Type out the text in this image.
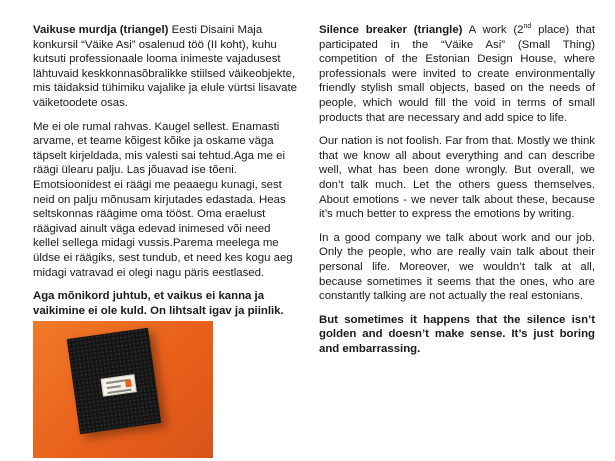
Vaikuse murdja (triangel) Eesti Disaini Maja konkursil “Väike Asi” osalenud töö (II koht), kuhu kutsuti professionaale looma inimeste vajadusest lähtuvaid keskkonnasõbralikke stiilsed väikeobjekte, mis täidaksid tühimiku vajalike ja elule vürtsi lisavate väiketoodete osas.

Me ei ole rumal rahvas. Kaugel sellest. Enamasti arvame, et teame kõigest kõike ja oskame väga täpselt kirjeldada, mis valesti sai tehtud.Aga me ei räägi ülearu palju. Las jõuavad ise tõeni. Emotsioonidest ei räägi me peaaegu kunagi, sest neid on palju mõnusam kirjutades edastada. Heas seltskonnas räägime oma tööst. Oma eraelust räägivad ainult väga edevad inimesed või need kellel sellega midagi vussis.Parema meelega me üldse ei räägiks, sest tundub, et need kes kogu aeg midagi vatravad ei olegi nagu päris eestlased.

Aga mõnikord juhtub, et vaikus ei kanna ja vaikimine ei ole kuld. On lihtsalt igav ja piinlik.

Silence breaker (triangle) A work (2nd place) that participated in the “Väike Asi” (Small Thing) competition of the Estonian Design House, where professionals were invited to create environmentally friendly stylish small objects, based on the needs of people, which would fill the void in terms of small products that are necessary and add spice to life.

Our nation is not foolish. Far from that. Mostly we think that we know all about everything and can describe well, what has been done wrongly. But overall, we don’t talk much. Let the others guess themselves. About emotions - we never talk about these, because it’s much better to express the emotions by writing.

In a good company we talk about work and our job. Only the people, who are really vain talk about their personal life. Moreover, we wouldn’t talk at all, because sometimes it seems that the ones, who are constantly talking are not actually the real estonians.

But sometimes it happens that the silence isn’t golden and doesn’t make sense. It’s just boring and embarrassing.
